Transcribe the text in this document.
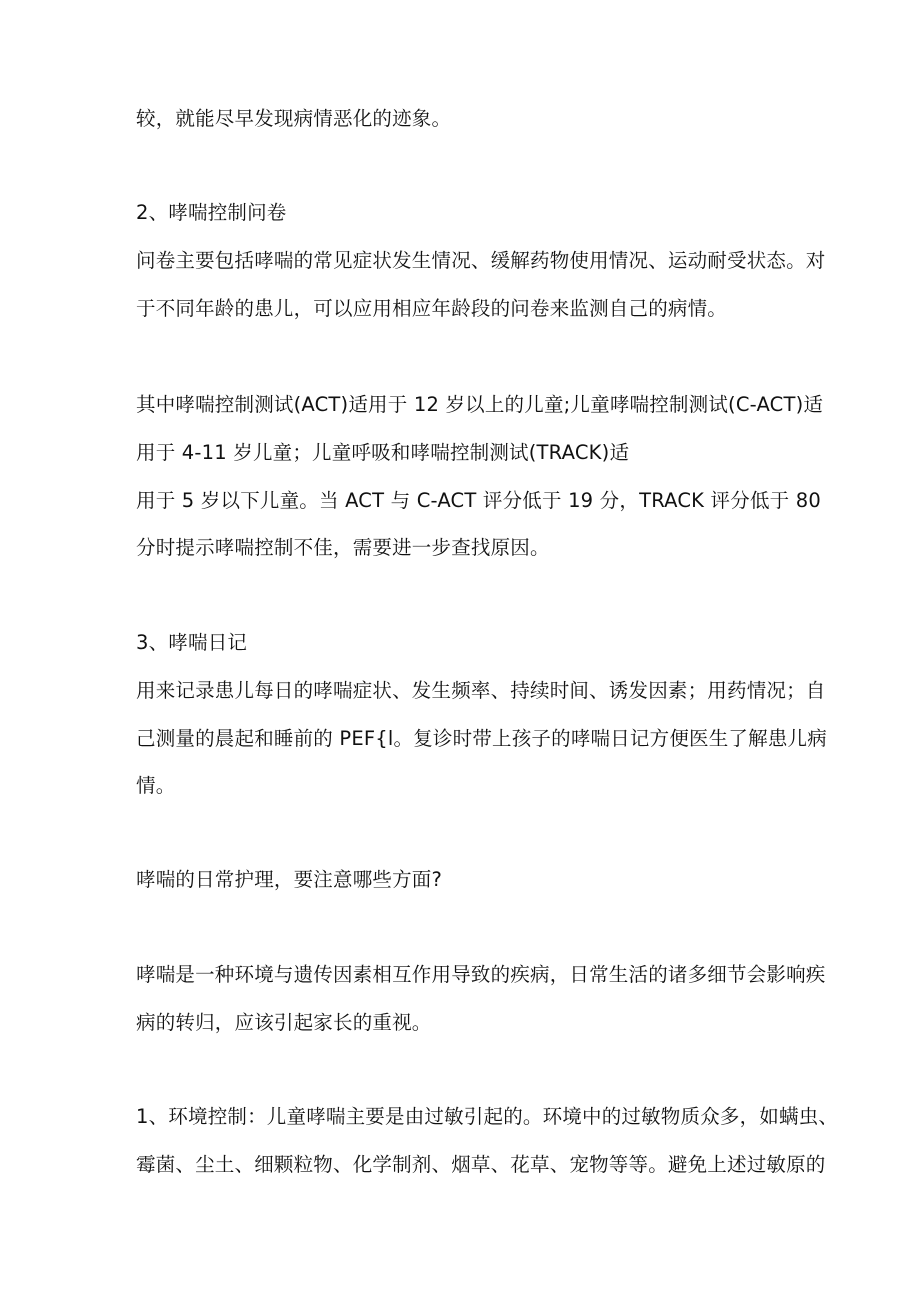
较，就能尽早发现病情恶化的迹象。
2、哮喘控制问卷
问卷主要包括哮喘的常见症状发生情况、缓解药物使用情况、运动耐受状态。对
于不同年龄的患儿，可以应用相应年龄段的问卷来监测自己的病情。
其中哮喘控制测试(ACT)适用于 12 岁以上的儿童;儿童哮喘控制测试(C-ACT)适
用于 4-11 岁儿童；儿童呼吸和哮喘控制测试(TRACK)适
用于 5 岁以下儿童。当 ACT 与 C-ACT 评分低于 19 分，TRACK 评分低于 80
分时提示哮喘控制不佳，需要进一步查找原因。
3、哮喘日记
用来记录患儿每日的哮喘症状、发生频率、持续时间、诱发因素；用药情况；自
己测量的晨起和睡前的 PEF{l。复诊时带上孩子的哮喘日记方便医生了解患儿病
情。
哮喘的日常护理，要注意哪些方面?
哮喘是一种环境与遗传因素相互作用导致的疾病，日常生活的诸多细节会影响疾
病的转归，应该引起家长的重视。
1、环境控制：儿童哮喘主要是由过敏引起的。环境中的过敏物质众多，如螨虫、
霉菌、尘土、细颗粒物、化学制剂、烟草、花草、宠物等等。避免上述过敏原的
